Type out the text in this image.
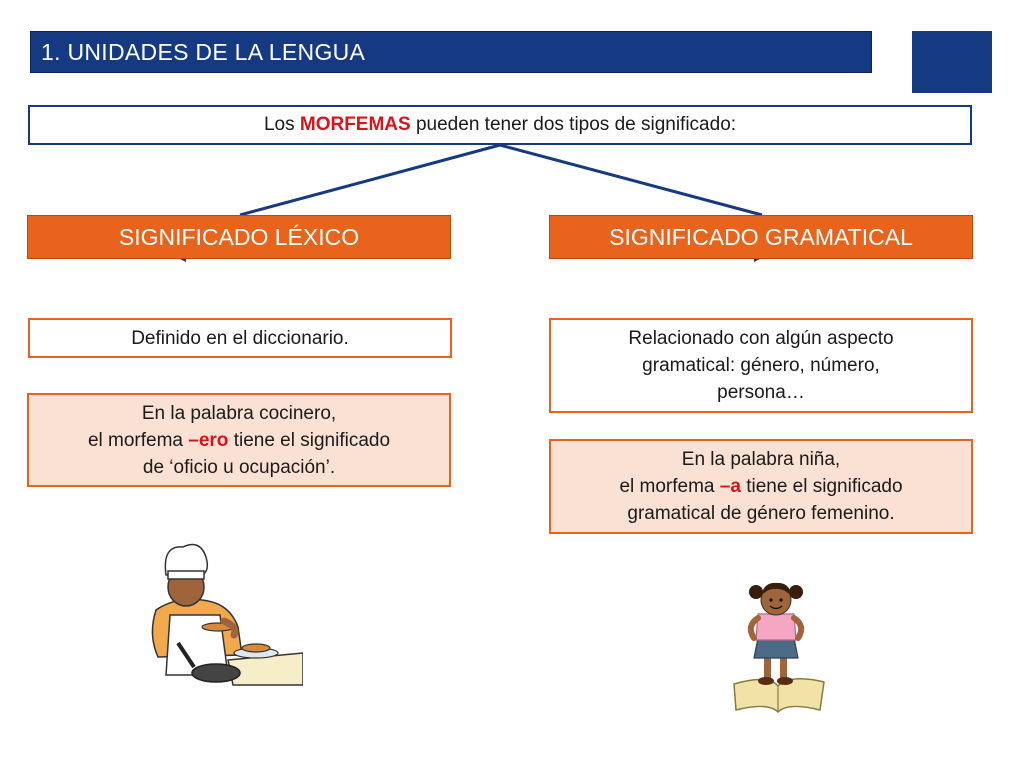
1. UNIDADES DE LA LENGUA
Los MORFEMAS pueden tener dos tipos de significado:
SIGNIFICADO LÉXICO	SIGNIFICADO GRAMATICAL
Definido en el diccionario.
En la palabra cocinero,
el morfema –ero tiene el significado
de ‘oficio u ocupación’.
Relacionado con algún aspecto
gramatical: género, número,
persona…
En la palabra niña,
el morfema –a tiene el significado
gramatical de género femenino.
